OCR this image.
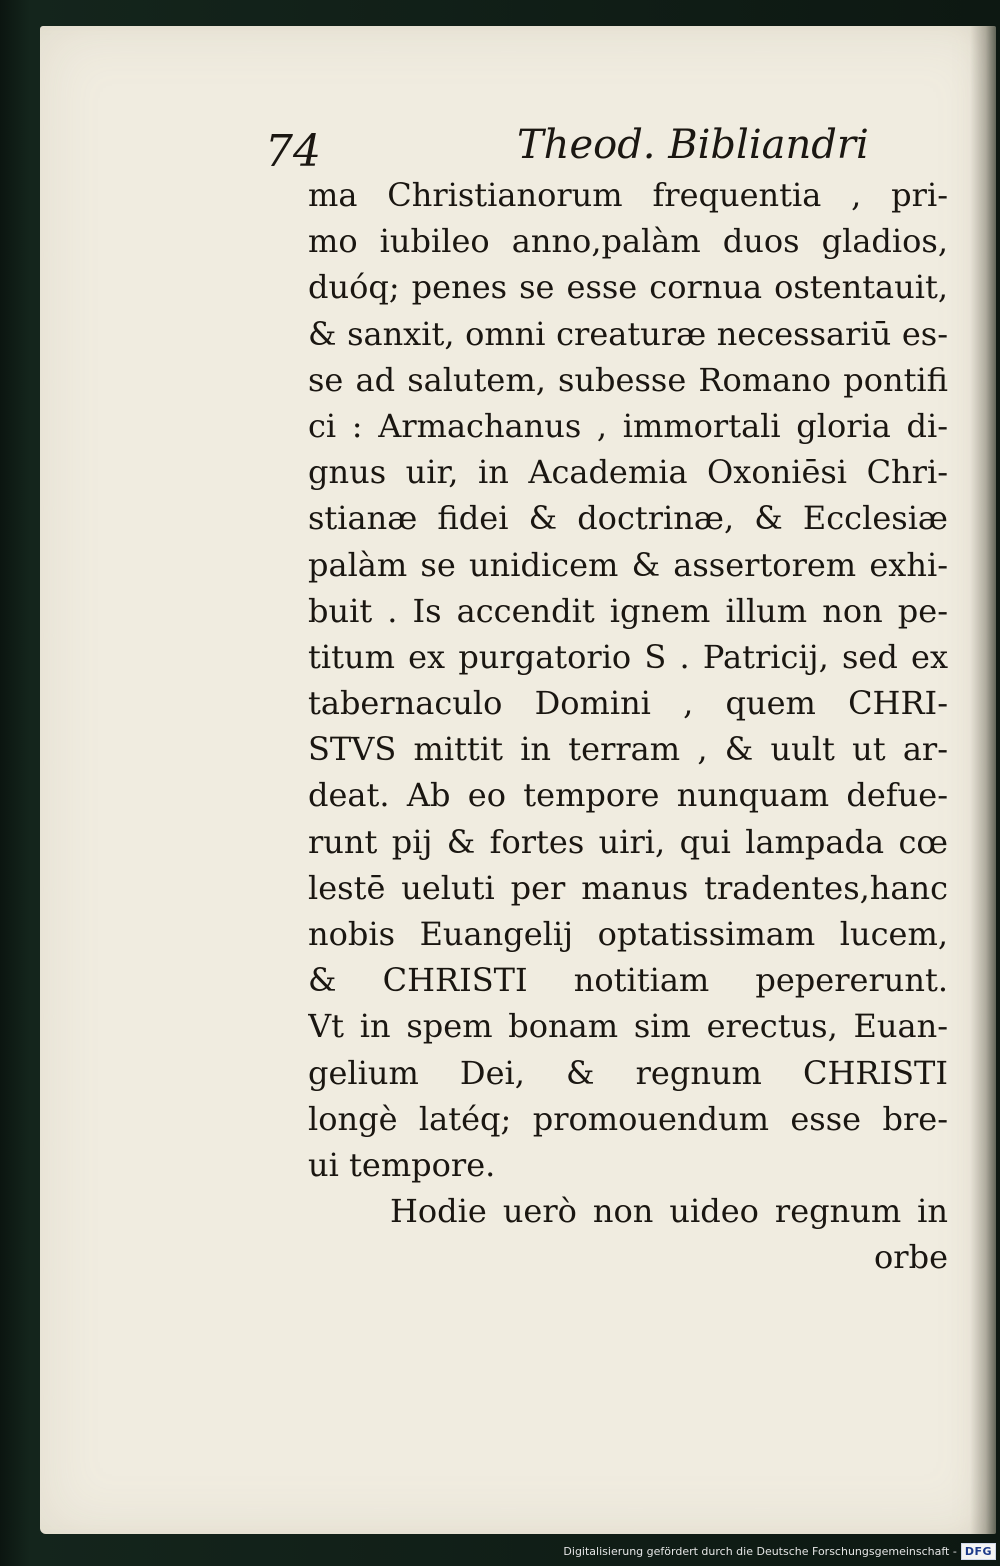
74	Theod. Bibliandri
ma Christianorum frequentia , pri-
mo iubileo anno,palàm duos gladios,
duóq; penes se esse cornua ostentauit,
& sanxit, omni creaturæ necessariū es-
se ad salutem, subesse Romano pontifi
ci : Armachanus , immortali gloria di-
gnus uir, in Academia Oxoniēsi Chri-
stianæ fidei & doctrinæ, & Ecclesiæ
palàm se unidicem & assertorem exhi-
buit . Is accendit ignem illum non pe-
titum ex purgatorio S . Patricij, sed ex
tabernaculo Domini , quem CHRI-
STVS mittit in terram , & uult ut ar-
deat. Ab eo tempore nunquam defue-
runt pij & fortes uiri, qui lampada cœ
lestē ueluti per manus tradentes,hanc
nobis Euangelij optatissimam lucem,
& CHRISTI notitiam pepererunt.
Vt in spem bonam sim erectus, Euan-
gelium Dei, & regnum CHRISTI
longè latéq; promouendum esse bre-
ui tempore.
Hodie uerò non uideo regnum in
orbe
Digitalisierung gefördert durch die Deutsche Forschungsgemeinschaft - DFG
